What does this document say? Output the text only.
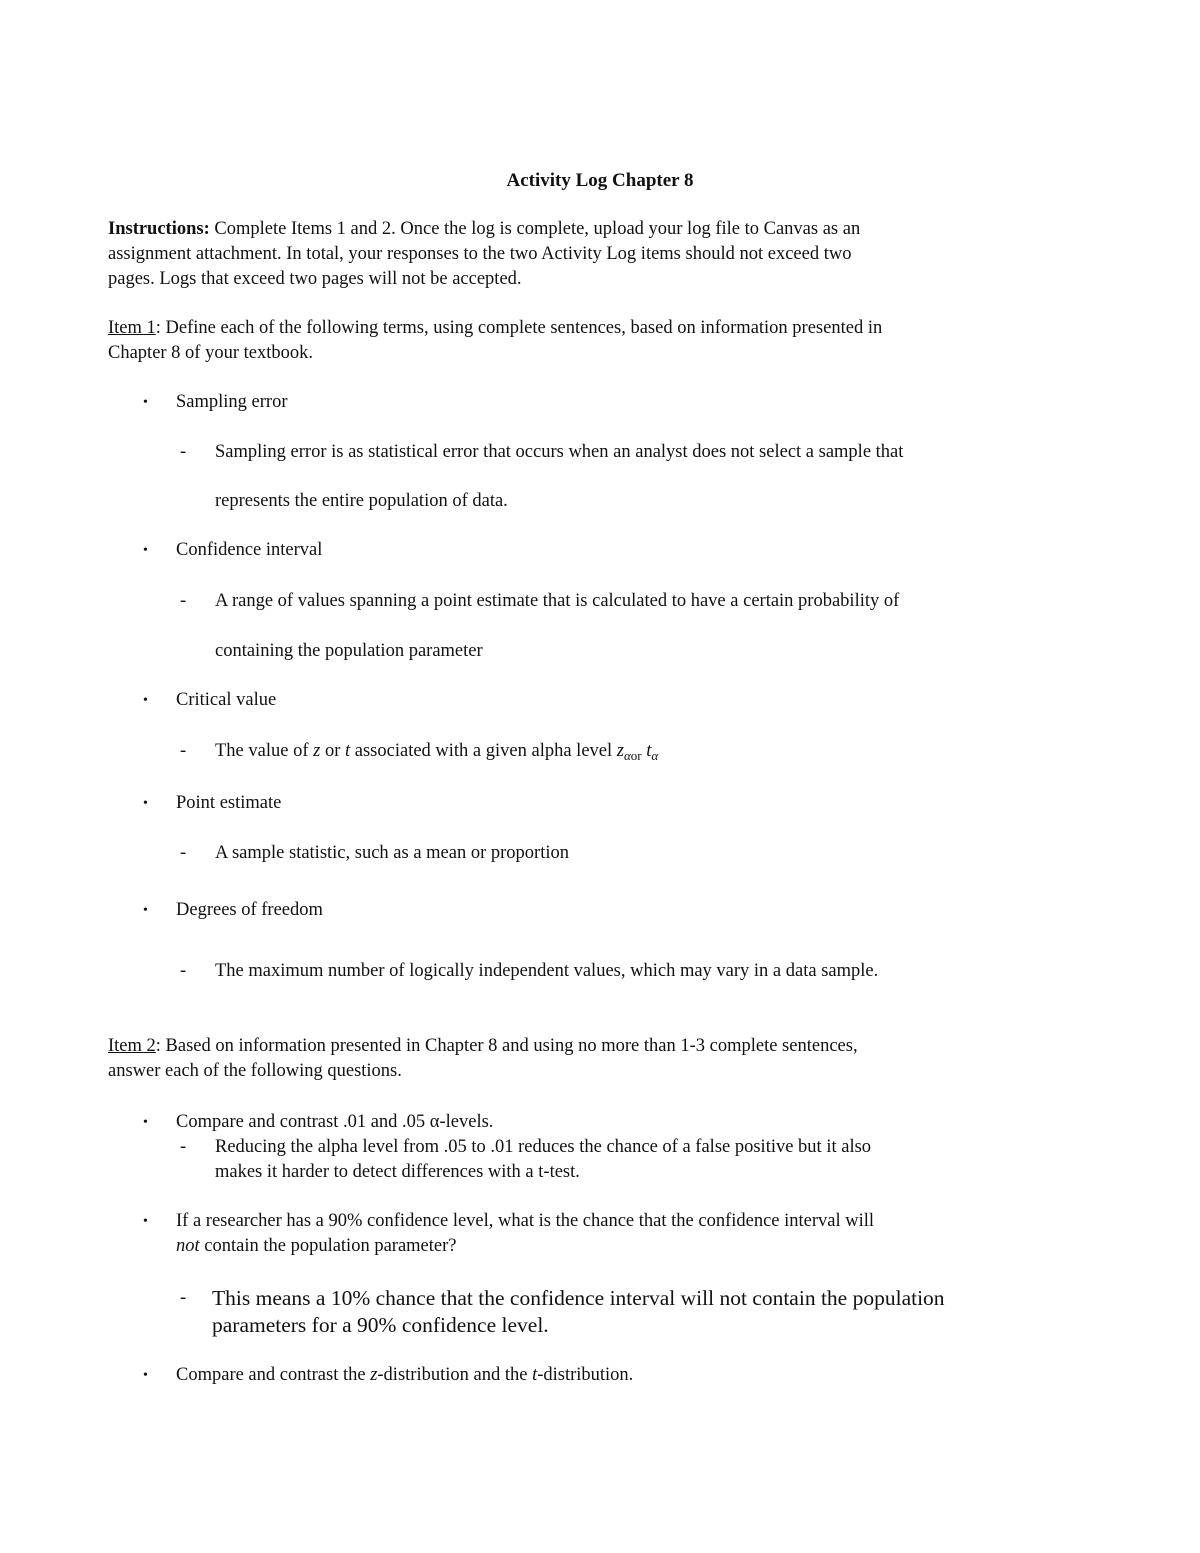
Activity Log Chapter 8
Instructions: Complete Items 1 and 2. Once the log is complete, upload your log file to Canvas as an
assignment attachment. In total, your responses to the two Activity Log items should not exceed two
pages. Logs that exceed two pages will not be accepted.
Item 1: Define each of the following terms, using complete sentences, based on information presented in
Chapter 8 of your textbook.
• Sampling error
- Sampling error is as statistical error that occurs when an analyst does not select a sample that
represents the entire population of data.
• Confidence interval
- A range of values spanning a point estimate that is calculated to have a certain probability of
containing the population parameter
• Critical value
- The value of z or t associated with a given alpha level $z_{\alpha or}$ $t_\alpha$
• Point estimate
- A sample statistic, such as a mean or proportion
• Degrees of freedom
- The maximum number of logically independent values, which may vary in a data sample.
Item 2: Based on information presented in Chapter 8 and using no more than 1-3 complete sentences,
answer each of the following questions.
• Compare and contrast .01 and .05 α-levels.
- Reducing the alpha level from .05 to .01 reduces the chance of a false positive but it also
makes it harder to detect differences with a t-test.
• If a researcher has a 90% confidence level, what is the chance that the confidence interval will
not contain the population parameter?
- This means a 10% chance that the confidence interval will not contain the population
parameters for a 90% confidence level.
• Compare and contrast the z-distribution and the t-distribution.
